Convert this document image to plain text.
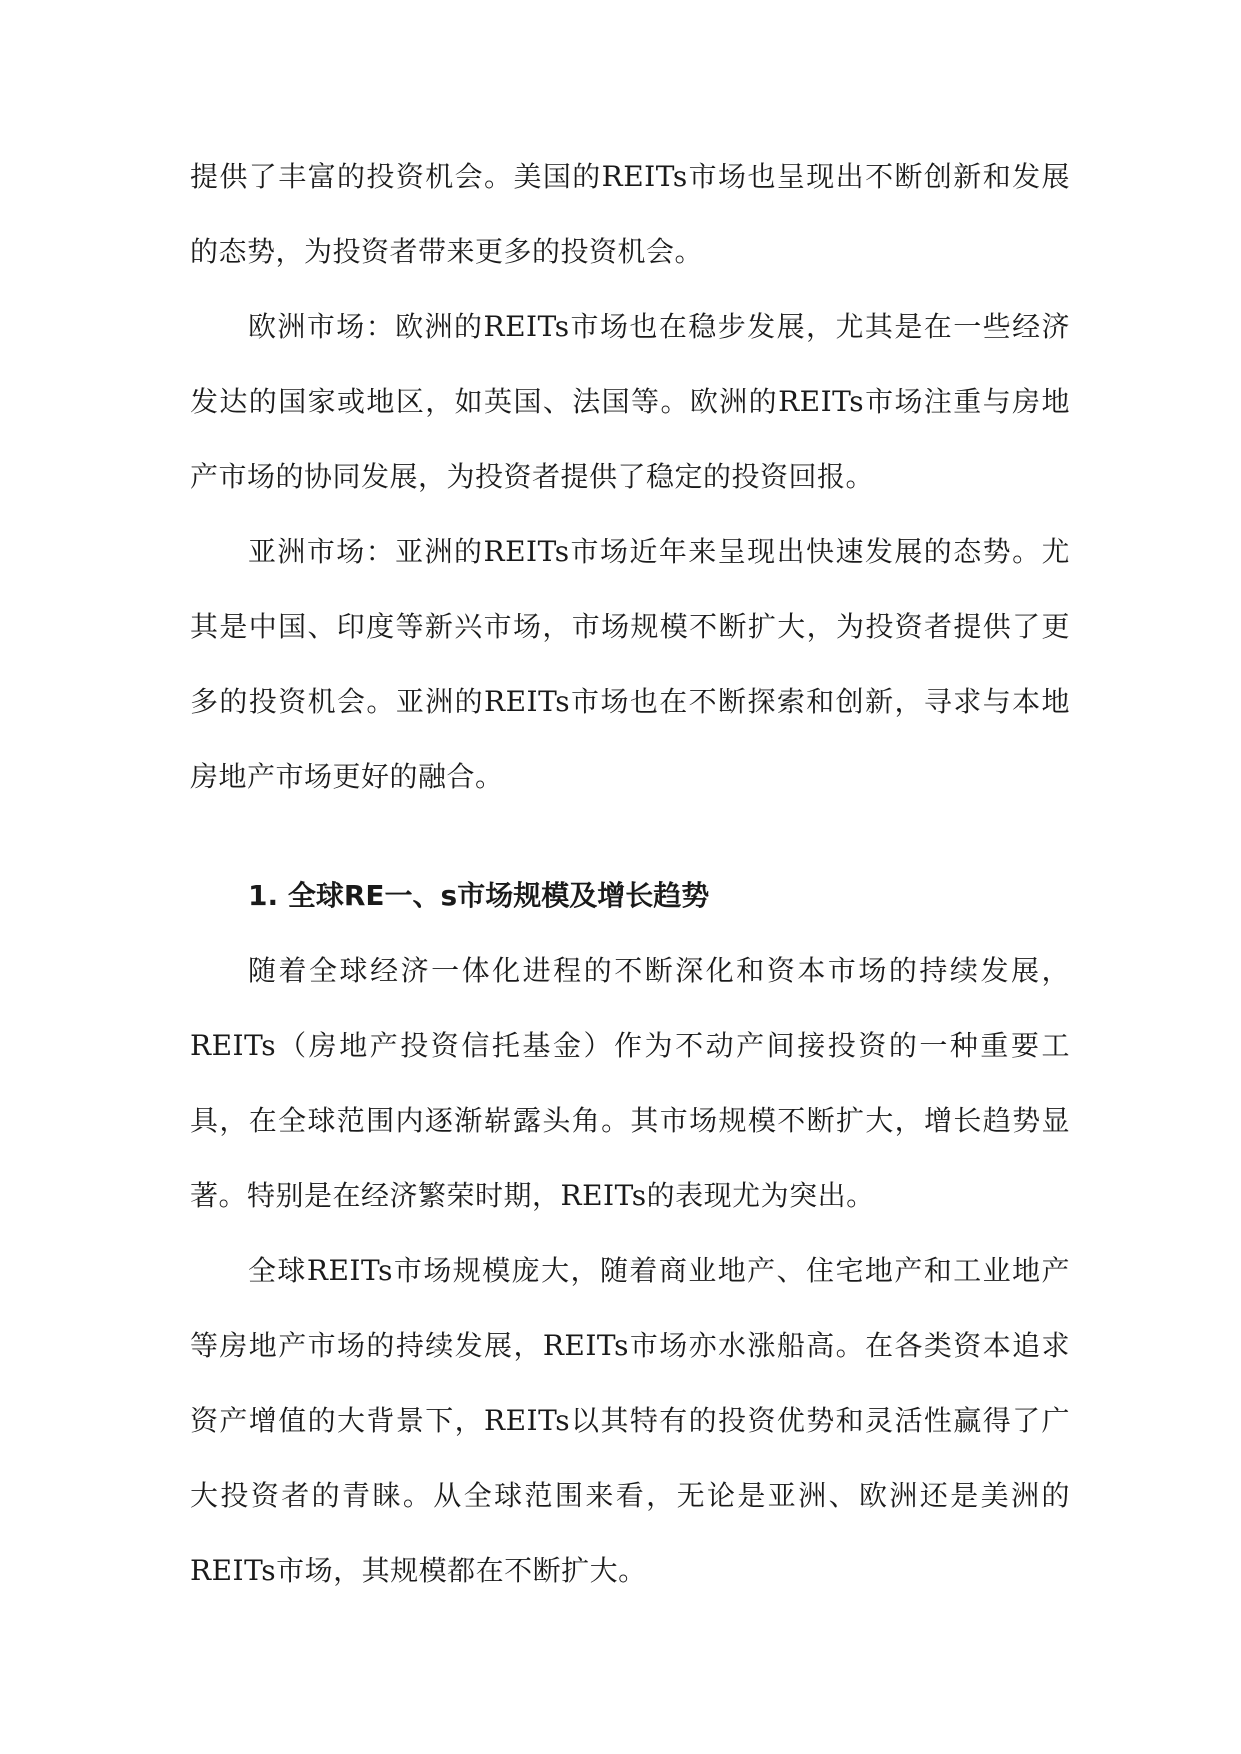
提供了丰富的投资机会。美国的REITs市场也呈现出不断创新和发展的态势，为投资者带来更多的投资机会。

欧洲市场：欧洲的REITs市场也在稳步发展，尤其是在一些经济发达的国家或地区，如英国、法国等。欧洲的REITs市场注重与房地产市场的协同发展，为投资者提供了稳定的投资回报。

亚洲市场：亚洲的REITs市场近年来呈现出快速发展的态势。尤其是中国、印度等新兴市场，市场规模不断扩大，为投资者提供了更多的投资机会。亚洲的REITs市场也在不断探索和创新，寻求与本地房地产市场更好的融合。

1. 全球RE一、s市场规模及增长趋势

随着全球经济一体化进程的不断深化和资本市场的持续发展，REITs（房地产投资信托基金）作为不动产间接投资的一种重要工具，在全球范围内逐渐崭露头角。其市场规模不断扩大，增长趋势显著。特别是在经济繁荣时期，REITs的表现尤为突出。

全球REITs市场规模庞大，随着商业地产、住宅地产和工业地产等房地产市场的持续发展，REITs市场亦水涨船高。在各类资本追求资产增值的大背景下，REITs以其特有的投资优势和灵活性赢得了广大投资者的青睐。从全球范围来看，无论是亚洲、欧洲还是美洲的REITs市场，其规模都在不断扩大。
